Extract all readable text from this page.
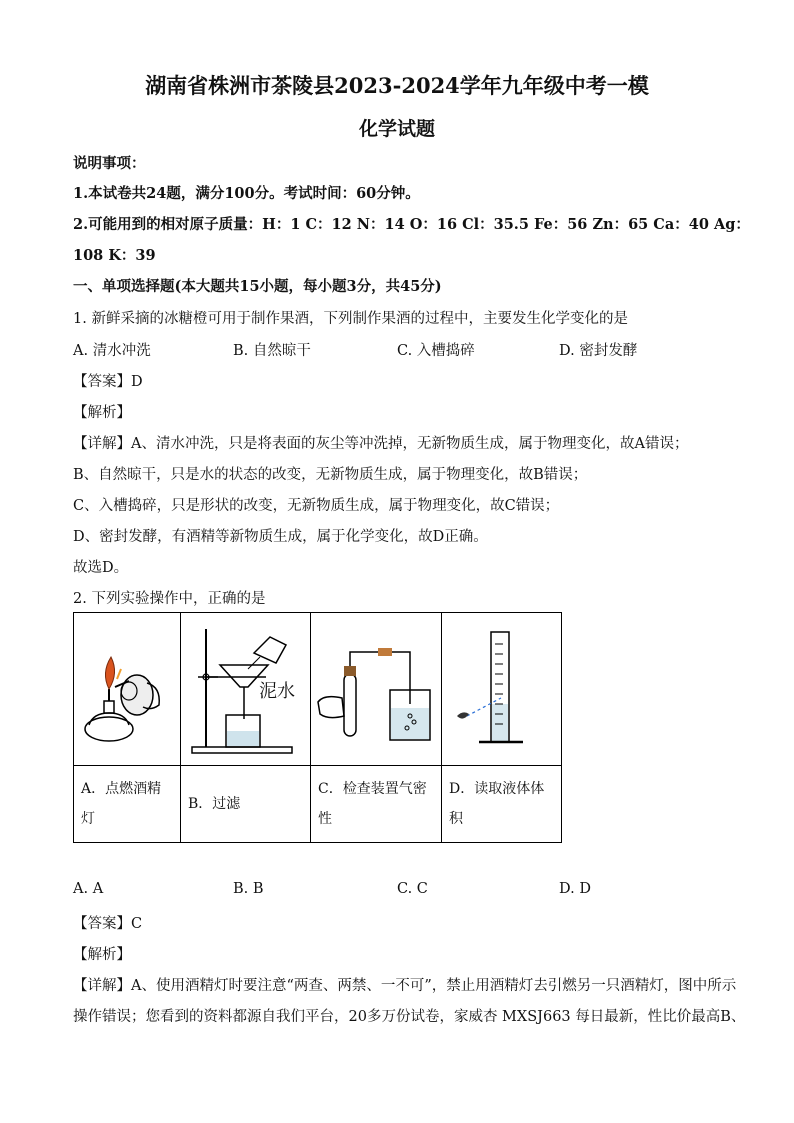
湖南省株洲市茶陵县2023-2024学年九年级中考一模
化学试题
说明事项：
1.本试卷共24题，满分100分。考试时间：60分钟。
2.可能用到的相对原子质量：H：1 C：12 N：14 O：16 Cl：35.5 Fe：56 Zn：65 Ca：40 Ag：
108 K：39
一、单项选择题(本大题共15小题，每小题3分，共45分)
1. 新鲜采摘的冰糖橙可用于制作果酒，下列制作果酒的过程中，主要发生化学变化的是
A. 清水冲洗	B. 自然晾干	C. 入槽捣碎	D. 密封发酵
【答案】D
【解析】
【详解】A、清水冲洗，只是将表面的灰尘等冲洗掉，无新物质生成，属于物理变化，故A错误；
B、自然晾干，只是水的状态的改变，无新物质生成，属于物理变化，故B错误；
C、入槽捣碎，只是形状的改变，无新物质生成，属于物理变化，故C错误；
D、密封发酵，有酒精等新物质生成，属于化学变化，故D正确。
故选D。
2. 下列实验操作中，正确的是

泥水

A．点燃酒精
灯	B．过滤	C．检查装置气密
性	D．读取液体体
积
A. A	B. B	C. C	D. D
【答案】C
【解析】
【详解】A、使用酒精灯时要注意“两查、两禁、一不可”，禁止用酒精灯去引燃另一只酒精灯，图中所示
操作错误；您看到的资料都源自我们平台，20多万份试卷，家威杏 MXSJ663 每日最新，性比价最高B、
